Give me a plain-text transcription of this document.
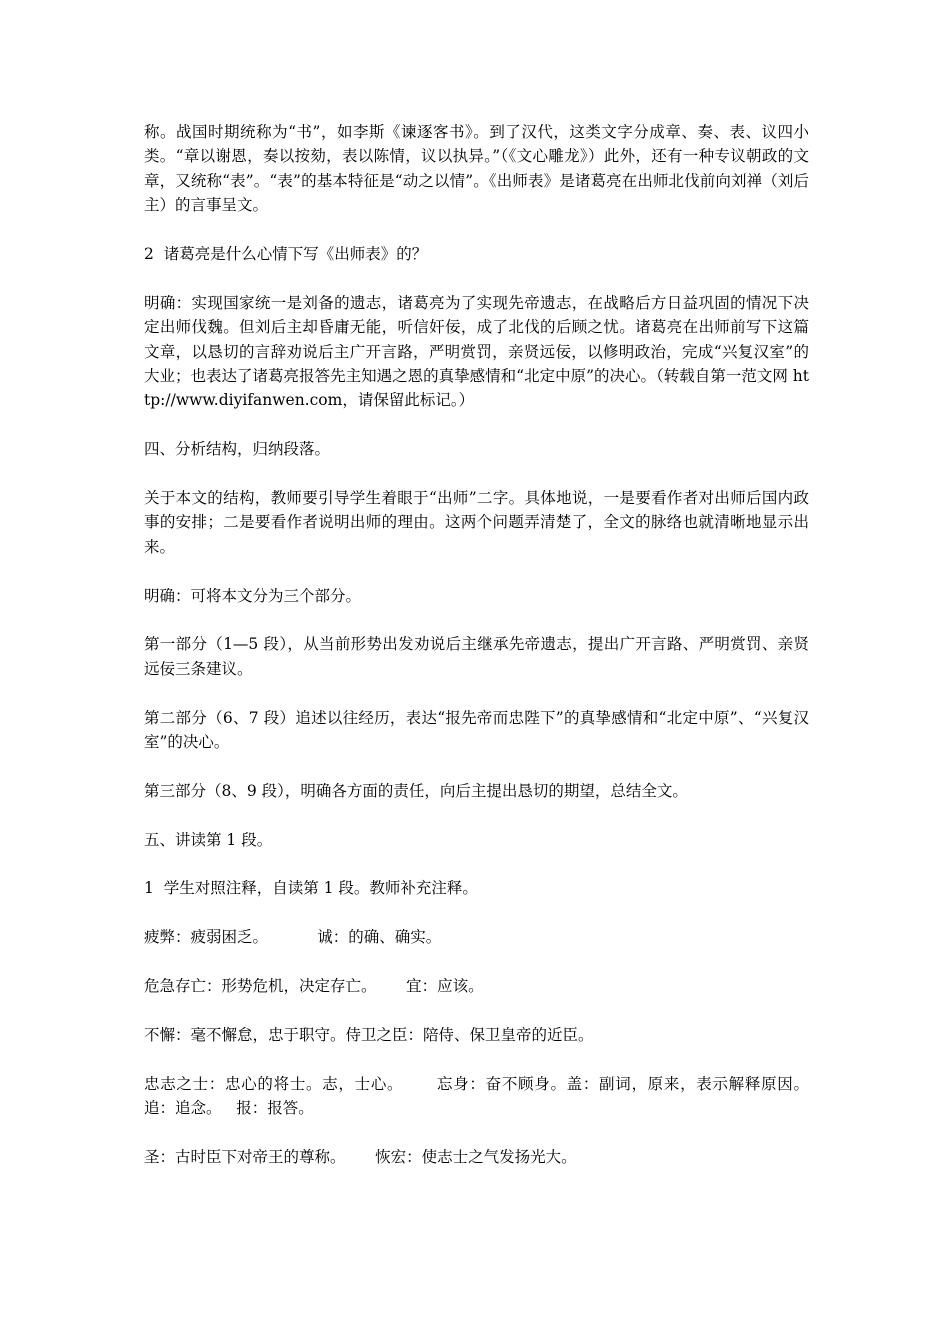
称。战国时期统称为“书”，如李斯《谏逐客书》。到了汉代，这类文字分成章、奏、表、议四小类。“章以谢恩，奏以按劾，表以陈情，议以执异。”（《文心雕龙》）此外，还有一种专议朝政的文章，又统称“表”。“表”的基本特征是“动之以情”。《出师表》是诸葛亮在出师北伐前向刘禅（刘后主）的言事呈文。

2  诸葛亮是什么心情下写《出师表》的？

明确：实现国家统一是刘备的遗志，诸葛亮为了实现先帝遗志，在战略后方日益巩固的情况下决定出师伐魏。但刘后主却昏庸无能，听信奸佞，成了北伐的后顾之忧。诸葛亮在出师前写下这篇文章，以恳切的言辞劝说后主广开言路，严明赏罚，亲贤远佞，以修明政治，完成“兴复汉室”的大业；也表达了诸葛亮报答先主知遇之恩的真挚感情和“北定中原”的决心。（转载自第一范文网 http://www.diyifanwen.com，请保留此标记。）

四、分析结构，归纳段落。

关于本文的结构，教师要引导学生着眼于“出师”二字。具体地说，一是要看作者对出师后国内政事的安排；二是要看作者说明出师的理由。这两个问题弄清楚了，全文的脉络也就清晰地显示出来。

明确：可将本文分为三个部分。

第一部分（1—5 段），从当前形势出发劝说后主继承先帝遗志，提出广开言路、严明赏罚、亲贤远佞三条建议。

第二部分（6、7 段）追述以往经历，表达“报先帝而忠陛下”的真挚感情和“北定中原”、“兴复汉室”的决心。

第三部分（8、9 段），明确各方面的责任，向后主提出恳切的期望，总结全文。

五、讲读第 1 段。

1  学生对照注释，自读第 1 段。教师补充注释。

疲弊：疲弱困乏。          诚：的确、确实。

危急存亡：形势危机，决定存亡。      宜：应该。

不懈：毫不懈怠，忠于职守。侍卫之臣：陪侍、保卫皇帝的近臣。

忠志之士：忠心的将士。志，士心。      忘身：奋不顾身。盖：副词，原来，表示解释原因。 追：追念。   报：报答。

圣：古时臣下对帝王的尊称。      恢宏：使志士之气发扬光大。
